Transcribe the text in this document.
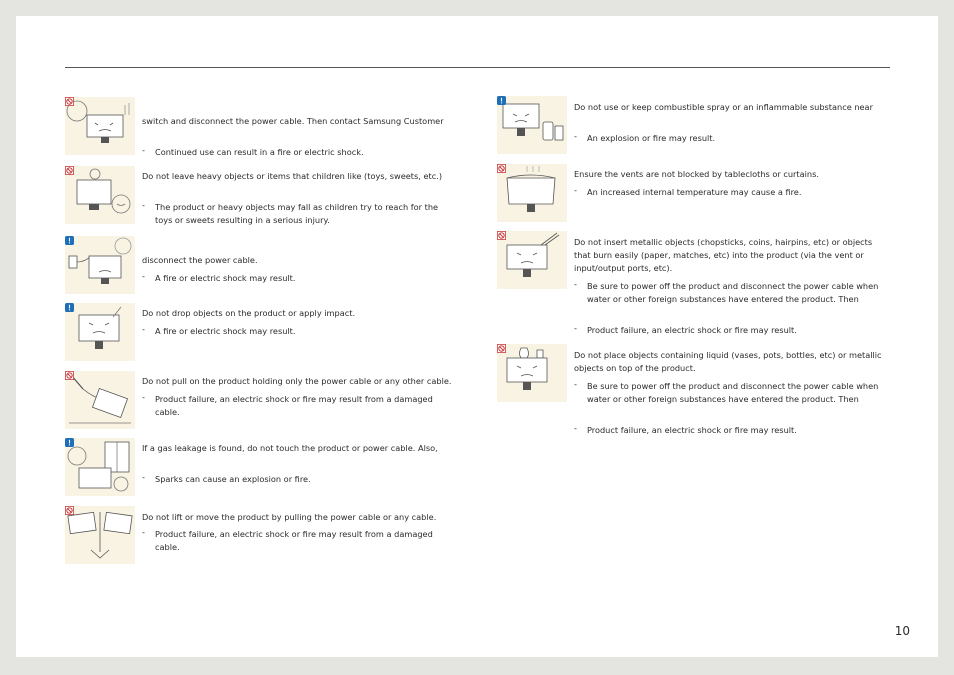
switch and disconnect the power cable. Then contact Samsung Customer

- Continued use can result in a fire or electric shock.

Do not leave heavy objects or items that children like (toys, sweets, etc.)

- The product or heavy objects may fall as children try to reach for the
toys or sweets resulting in a serious injury.

disconnect the power cable.

- A fire or electric shock may result.

Do not drop objects on the product or apply impact.

- A fire or electric shock may result.

Do not pull on the product holding only the power cable or any other cable.

- Product failure, an electric shock or fire may result from a damaged
cable.

If a gas leakage is found, do not touch the product or power cable. Also,

- Sparks can cause an explosion or fire.

Do not lift or move the product by pulling the power cable or any cable.

- Product failure, an electric shock or fire may result from a damaged
cable.

Do not use or keep combustible spray or an inflammable substance near

- An explosion or fire may result.

Ensure the vents are not blocked by tablecloths or curtains.

- An increased internal temperature may cause a fire.

Do not insert metallic objects (chopsticks, coins, hairpins, etc) or objects
that burn easily (paper, matches, etc) into the product (via the vent or
input/output ports, etc).

- Be sure to power off the product and disconnect the power cable when
water or other foreign substances have entered the product. Then

- Product failure, an electric shock or fire may result.

Do not place objects containing liquid (vases, pots, bottles, etc) or metallic
objects on top of the product.

- Be sure to power off the product and disconnect the power cable when
water or other foreign substances have entered the product. Then

- Product failure, an electric shock or fire may result.

10
